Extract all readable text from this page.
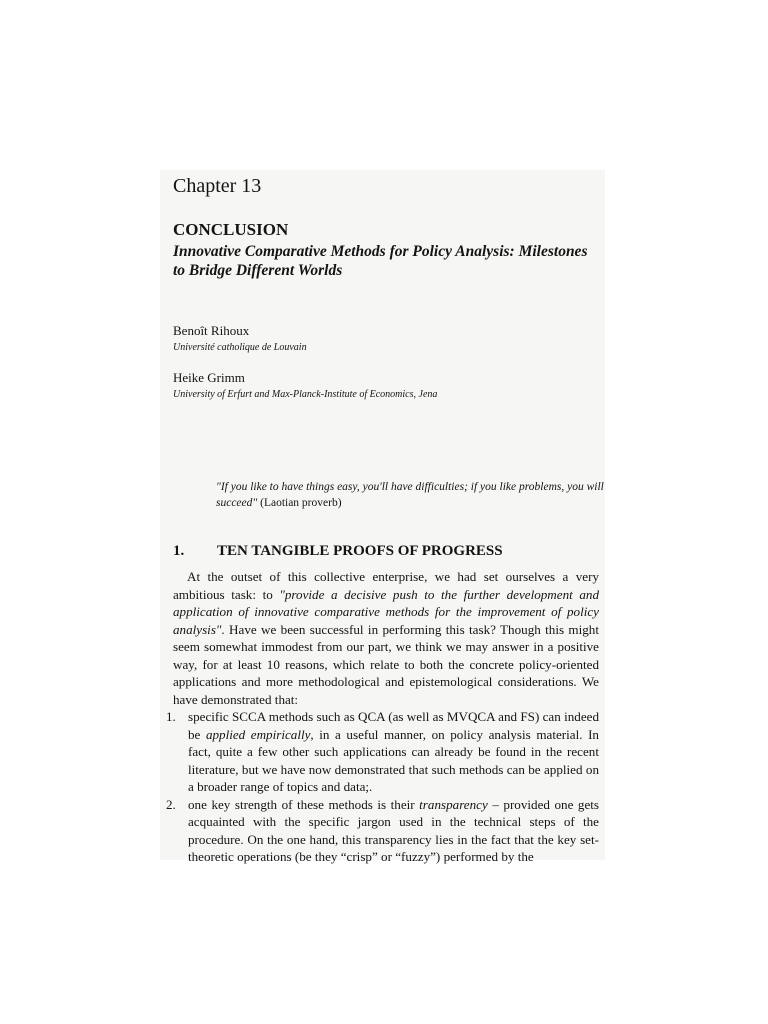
Chapter 13
CONCLUSION
Innovative Comparative Methods for Policy Analysis: Milestones to Bridge Different Worlds
Benoît Rihoux
Université catholique de Louvain
Heike Grimm
University of Erfurt and Max-Planck-Institute of Economics, Jena

"If you like to have things easy, you'll have difficulties; if you like problems, you will succeed" (Laotian proverb)

1. TEN TANGIBLE PROOFS OF PROGRESS

At the outset of this collective enterprise, we had set ourselves a very ambitious task: to "provide a decisive push to the further development and application of innovative comparative methods for the improvement of policy analysis". Have we been successful in performing this task? Though this might seem somewhat immodest from our part, we think we may answer in a positive way, for at least 10 reasons, which relate to both the concrete policy-oriented applications and more methodological and epistemological considerations. We have demonstrated that:

1. specific SCCA methods such as QCA (as well as MVQCA and FS) can indeed be applied empirically, in a useful manner, on policy analysis material. In fact, quite a few other such applications can already be found in the recent literature, but we have now demonstrated that such methods can be applied on a broader range of topics and data;.
2. one key strength of these methods is their transparency – provided one gets acquainted with the specific jargon used in the technical steps of the procedure. On the one hand, this transparency lies in the fact that the key set-theoretic operations (be they “crisp” or “fuzzy”) performed by the
